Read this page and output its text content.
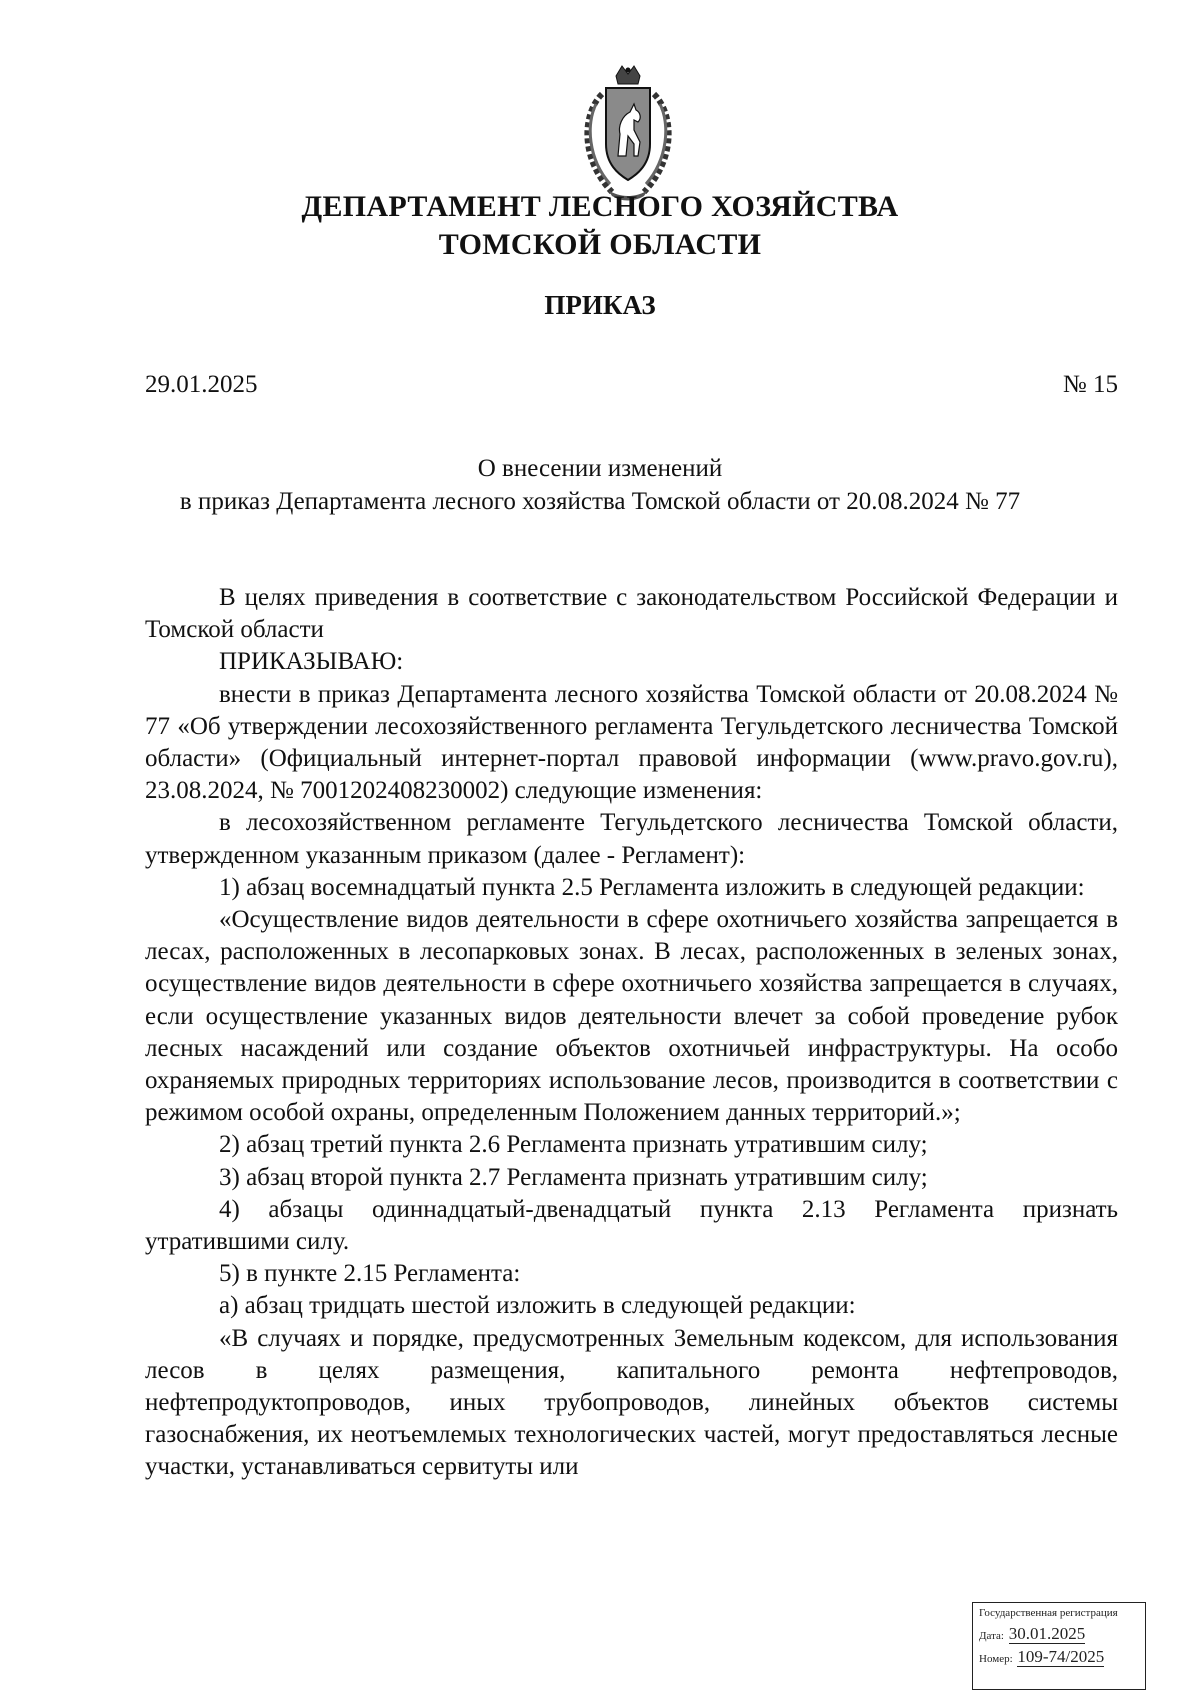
ДЕПАРТАМЕНТ ЛЕСНОГО ХОЗЯЙСТВА
ТОМСКОЙ ОБЛАСТИ
ПРИКАЗ
29.01.2025	№ 15
О внесении изменений
в приказ Департамента лесного хозяйства Томской области от 20.08.2024 № 77

В целях приведения в соответствие с законодательством Российской Федерации и Томской области

ПРИКАЗЫВАЮ:

внести в приказ Департамента лесного хозяйства Томской области от 20.08.2024 № 77 «Об утверждении лесохозяйственного регламента Тегульдетского лесничества Томской области» (Официальный интернет-портал правовой информации (www.pravo.gov.ru), 23.08.2024, № 7001202408230002) следующие изменения:

в лесохозяйственном регламенте Тегульдетского лесничества Томской области, утвержденном указанным приказом (далее - Регламент):

1) абзац восемнадцатый пункта 2.5 Регламента изложить в следующей редакции:

«Осуществление видов деятельности в сфере охотничьего хозяйства запрещается в лесах, расположенных в лесопарковых зонах. В лесах, расположенных в зеленых зонах, осуществление видов деятельности в сфере охотничьего хозяйства запрещается в случаях, если осуществление указанных видов деятельности влечет за собой проведение рубок лесных насаждений или создание объектов охотничьей инфраструктуры. На особо охраняемых природных территориях использование лесов, производится в соответствии с режимом особой охраны, определенным Положением данных территорий.»;

2) абзац третий пункта 2.6 Регламента признать утратившим силу;

3) абзац второй пункта 2.7 Регламента признать утратившим силу;

4) абзацы одиннадцатый-двенадцатый пункта 2.13 Регламента признать утратившими силу.

5) в пункте 2.15 Регламента:

а) абзац тридцать шестой изложить в следующей редакции:

«В случаях и порядке, предусмотренных Земельным кодексом, для использования лесов в целях размещения, капитального ремонта нефтепроводов, нефтепродуктопроводов, иных трубопроводов, линейных объектов системы газоснабжения, их неотъемлемых технологических частей, могут предоставляться лесные участки, устанавливаться сервитуты или

Государственная регистрация
Дата: 30.01.2025
Номер: 109-74/2025
